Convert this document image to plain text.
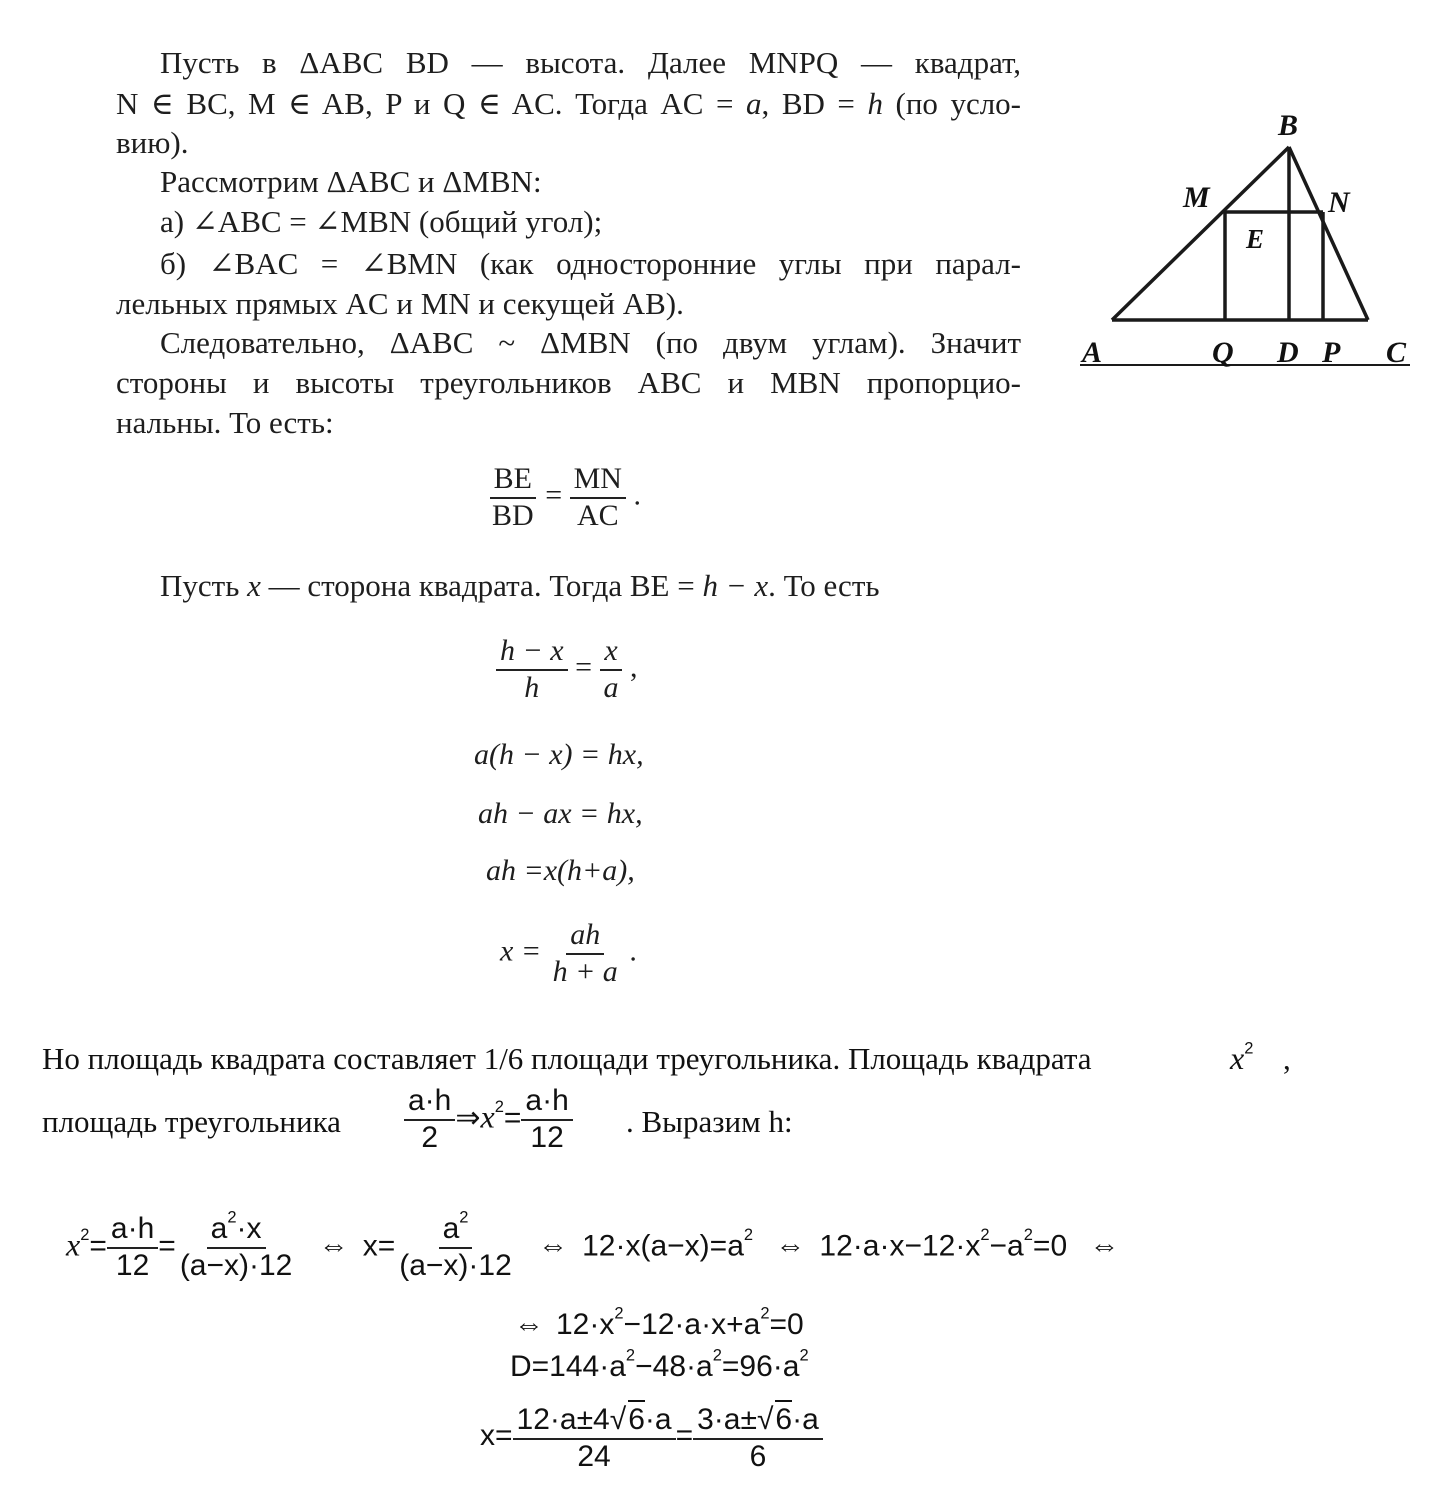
Пусть в ΔABC BD — высота. Далее MNPQ — квадрат,
N ∈ BC, M ∈ AB, P и Q ∈ AC. Тогда AC = a, BD = h (по усло-
вию).
Рассмотрим ΔABC и ΔMBN:
а) ∠ABC = ∠MBN (общий угол);
б) ∠BAC = ∠BMN (как односторонние углы при парал-
лельных прямых AC и MN и секущей AB).
Следовательно, ΔABC ~ ΔMBN (по двум углам). Значит
стороны и высоты треугольников ABC и MBN пропорцио-
нальны. То есть:
B
M	N
E
A	Q D P C
$\frac{BE}{BD} = \frac{MN}{AC}$ .
Пусть x — сторона квадрата. Тогда BE = h − x. То есть
$\frac{h - x}{h} = \frac{x}{a}$ ,
a(h − x) = hx,
ah − ax = hx,
ah =x(h+a),
$x = \frac{ah}{h + a}$ .
Но площадь квадрата составляет 1/6 площади треугольника. Площадь квадрата	$x^2$ ,
площадь треугольника $\frac{a\cdot h}{2}$ $\Rightarrow x^2= \frac{a\cdot h}{12}$ . Выразим h:
$x^2= \frac{a\cdot h}{12} = \frac{a^2\cdot x}{(a-x)\cdot 12}$ ⇔ $x= \frac{a^2}{(a-x)\cdot 12}$ ⇔ $12\cdot x(a-x)=a^2$ ⇔ $12\cdot a\cdot x-12\cdot x^2-a^2=0$ ⇔
⇔ $12\cdot x^2-12\cdot a\cdot x+a^2=0$
$D=144\cdot a^2-48\cdot a^2=96\cdot a^2$
$x= \frac{12\cdot a\pm 4√6\cdot a}{24} = \frac{3\cdot a\pm√6\cdot a}{6}$
